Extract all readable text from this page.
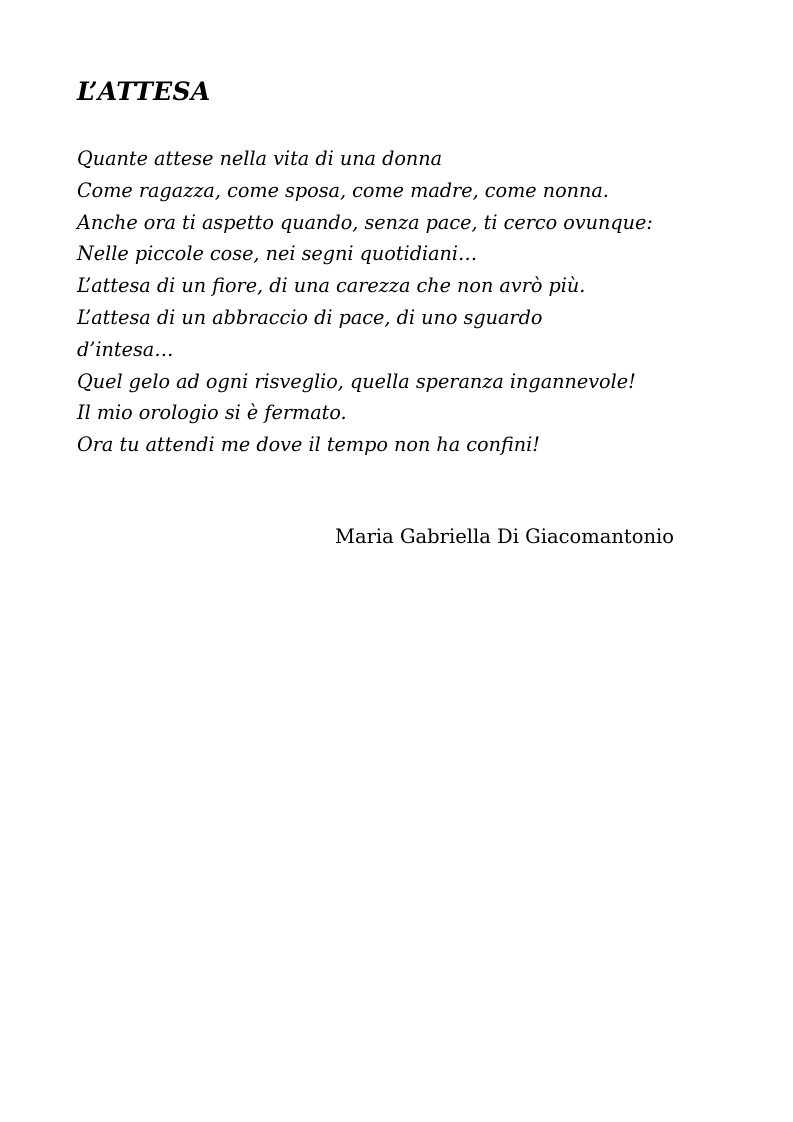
L’ATTESA
Quante attese nella vita di una donna
Come ragazza, come sposa, come madre, come nonna.
Anche ora ti aspetto quando, senza pace, ti cerco ovunque:
Nelle piccole cose, nei segni quotidiani…
L’attesa di un fiore, di una carezza che non avrò più.
L’attesa di un abbraccio di pace, di uno sguardo
d’intesa…
Quel gelo ad ogni risveglio, quella speranza ingannevole!
Il mio orologio si è fermato.
Ora tu attendi me dove il tempo non ha confini!

Maria Gabriella Di Giacomantonio
